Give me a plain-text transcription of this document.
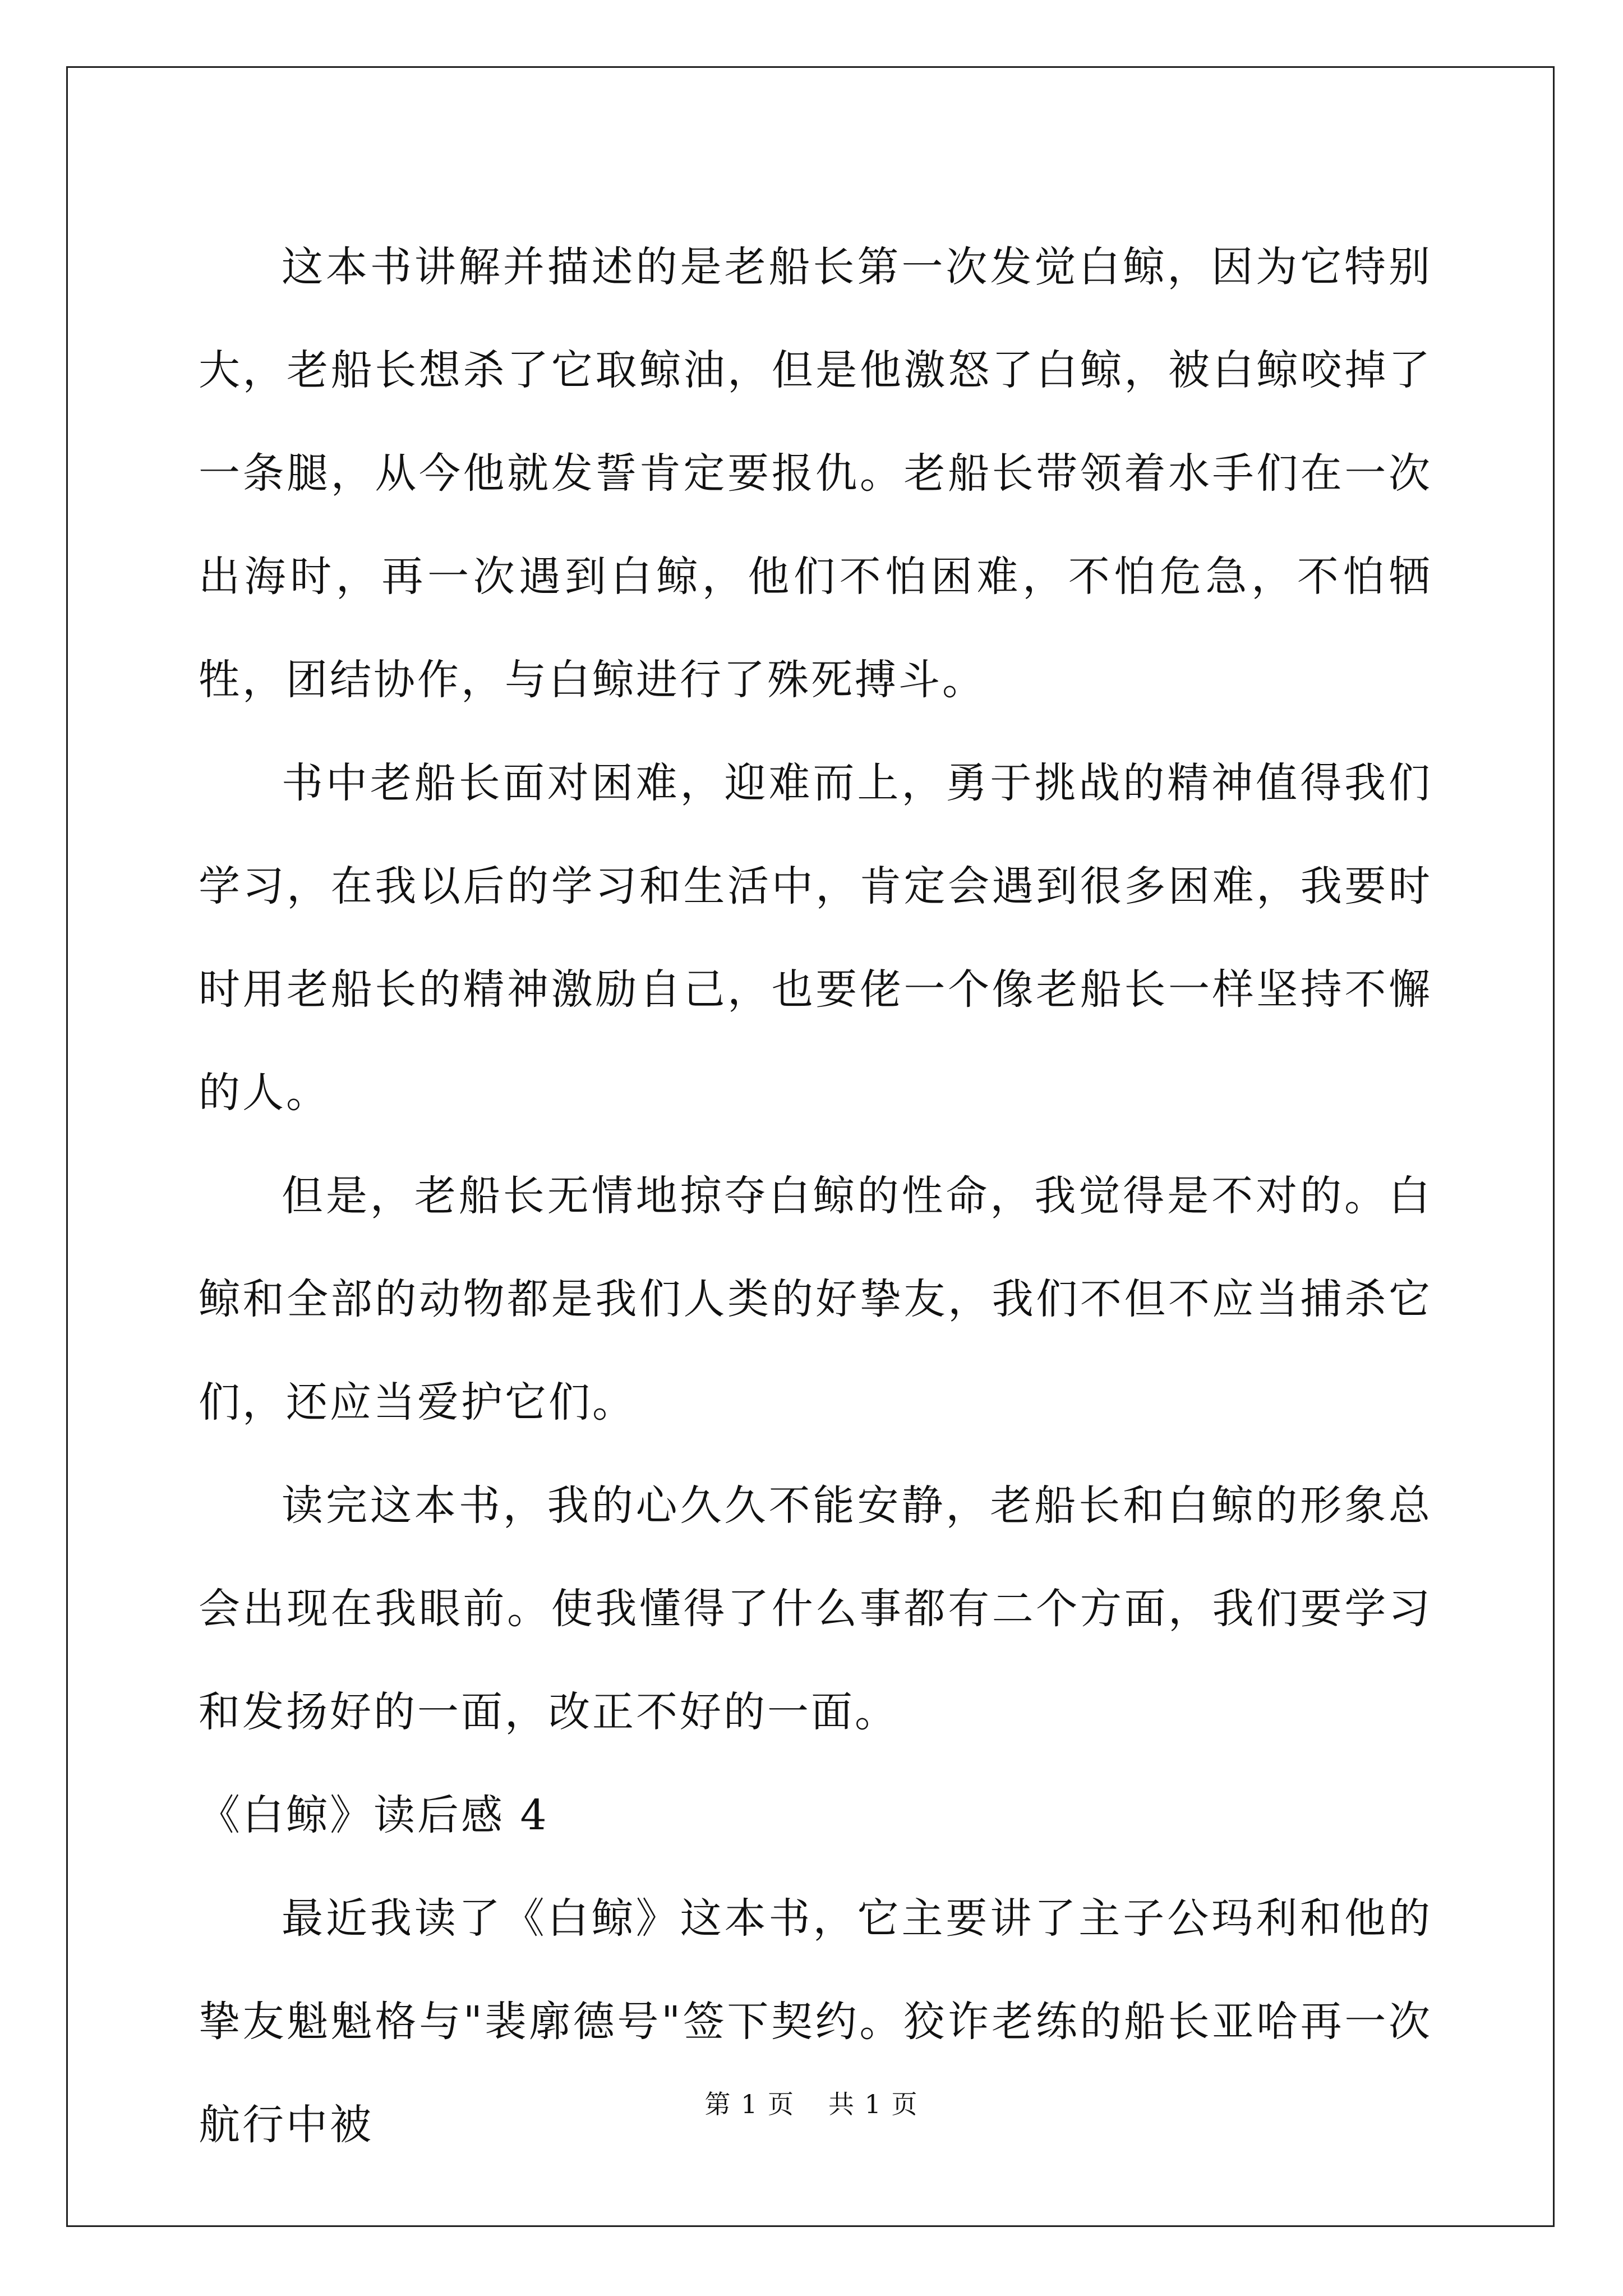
这本书讲解并描述的是老船长第一次发觉白鲸，因为它特别大，老船长想杀了它取鲸油，但是他激怒了白鲸，被白鲸咬掉了一条腿，从今他就发誓肯定要报仇。老船长带领着水手们在一次出海时，再一次遇到白鲸，他们不怕困难，不怕危急，不怕牺牲，团结协作，与白鲸进行了殊死搏斗。

书中老船长面对困难，迎难而上，勇于挑战的精神值得我们学习，在我以后的学习和生活中，肯定会遇到很多困难，我要时时用老船长的精神激励自己，也要佬一个像老船长一样坚持不懈的人。

但是，老船长无情地掠夺白鲸的性命，我觉得是不对的。白鲸和全部的动物都是我们人类的好挚友，我们不但不应当捕杀它们，还应当爱护它们。

读完这本书，我的心久久不能安静，老船长和白鲸的形象总会出现在我眼前。使我懂得了什么事都有二个方面，我们要学习和发扬好的一面，改正不好的一面。

《白鲸》读后感 4

最近我读了《白鲸》这本书，它主要讲了主子公玛利和他的挚友魁魁格与"裴廓德号"签下契约。狡诈老练的船长亚哈再一次航行中被	第 1 页 共 1 页
